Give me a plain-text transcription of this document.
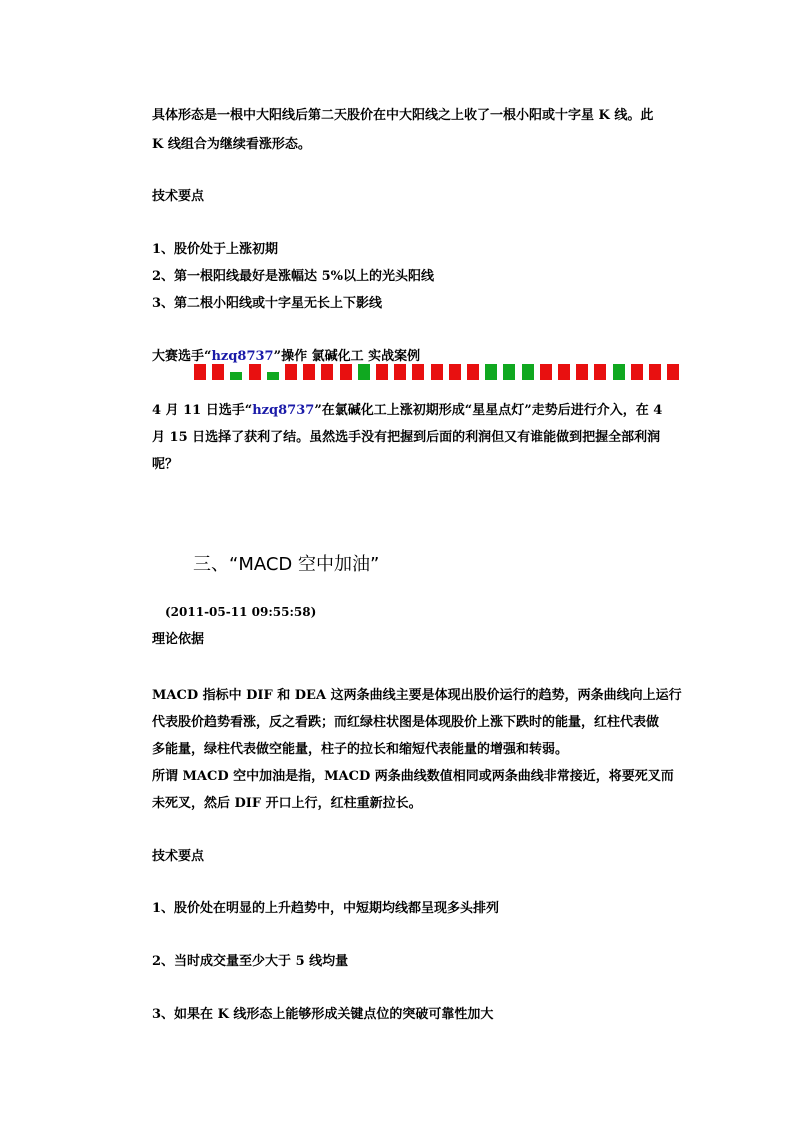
具体形态是一根中大阳线后第二天股价在中大阳线之上收了一根小阳或十字星 K 线。此
K 线组合为继续看涨形态。
技术要点
1、股价处于上涨初期
2、第一根阳线最好是涨幅达 5%以上的光头阳线
3、第二根小阳线或十字星无长上下影线
大赛选手“hzq8737”操作 氯碱化工 实战案例
4 月 11 日选手“hzq8737”在氯碱化工上涨初期形成“星星点灯”走势后进行介入，在 4
月 15 日选择了获利了结。虽然选手没有把握到后面的利润但又有谁能做到把握全部利润
呢？
三、“MACD 空中加油”
(2011-05-11 09:55:58)
理论依据
MACD 指标中 DIF 和 DEA 这两条曲线主要是体现出股价运行的趋势，两条曲线向上运行
代表股价趋势看涨，反之看跌；而红绿柱状图是体现股价上涨下跌时的能量，红柱代表做
多能量，绿柱代表做空能量，柱子的拉长和缩短代表能量的增强和转弱。
所谓 MACD 空中加油是指，MACD 两条曲线数值相同或两条曲线非常接近，将要死叉而
未死叉，然后 DIF 开口上行，红柱重新拉长。
技术要点
1、股价处在明显的上升趋势中，中短期均线都呈现多头排列
2、当时成交量至少大于 5 线均量
3、如果在 K 线形态上能够形成关键点位的突破可靠性加大
